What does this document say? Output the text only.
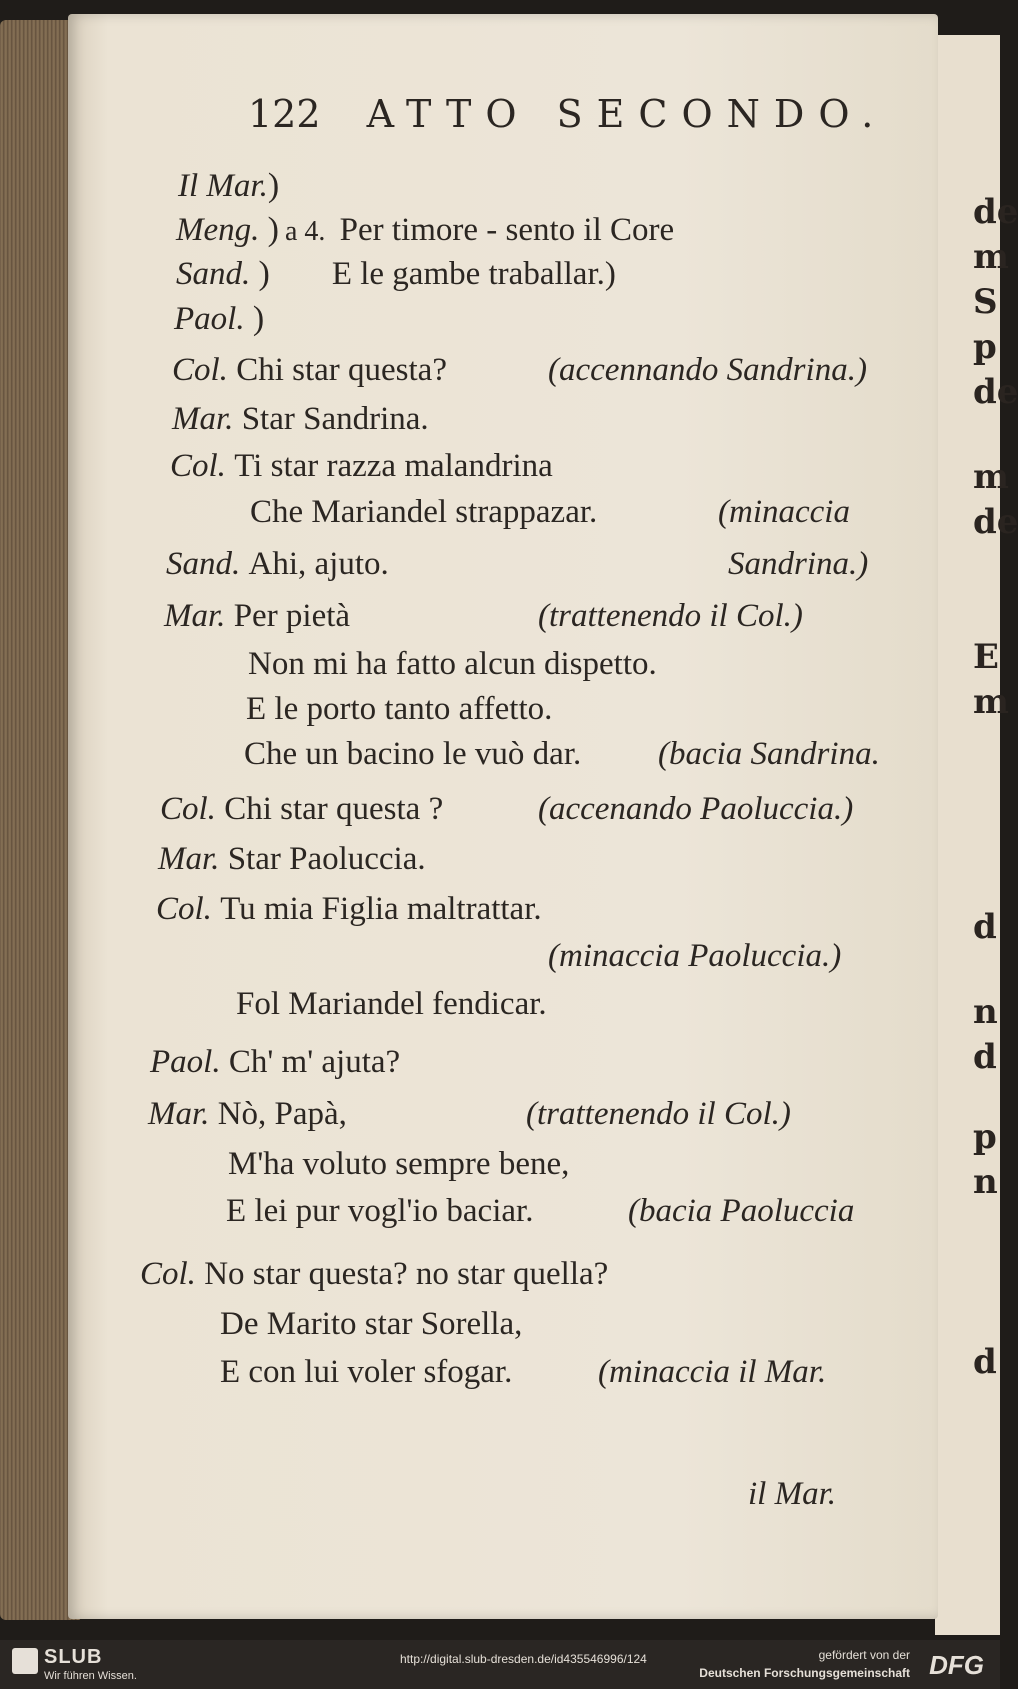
de
m
S
p
de
m
de
E
m
d
n
d
p
n
d
122 ATTO SECONDO.
Il Mar.)
Meng. ) a 4. Per timore - sento il Core
Sand. ) E le gambe traballar.)
Paol. )
Col. Chi star questa?	(accennando Sandrina.)
Mar. Star Sandrina.
Col. Ti star razza malandrina
Che Mariandel strappazar.	(minaccia
Sand. Ahi, ajuto.	Sandrina.)
Mar. Per pietà	(trattenendo il Col.)
Non mi ha fatto alcun dispetto.
E le porto tanto affetto.
Che un bacino le vuò dar. (bacia Sandrina.
Col. Chi star questa ?	(accenando Paoluccia.)
Mar. Star Paoluccia.
Col. Tu mia Figlia maltrattar.
(minaccia Paoluccia.)
Fol Mariandel fendicar.
Paol. Ch' m' ajuta?
Mar. Nò, Papà,	(trattenendo il Col.)
M'ha voluto sempre bene,
E lei pur vogl'io baciar.	(bacia Paoluccia
Col. No star questa? no star quella?
De Marito star Sorella,
E con lui voler sfogar.	(minaccia il Mar.
il Mar.
SLUB
Wir führen Wissen.
http://digital.slub-dresden.de/id435546996/124	gefördert von der
Deutschen Forschungsgemeinschaft DFG
